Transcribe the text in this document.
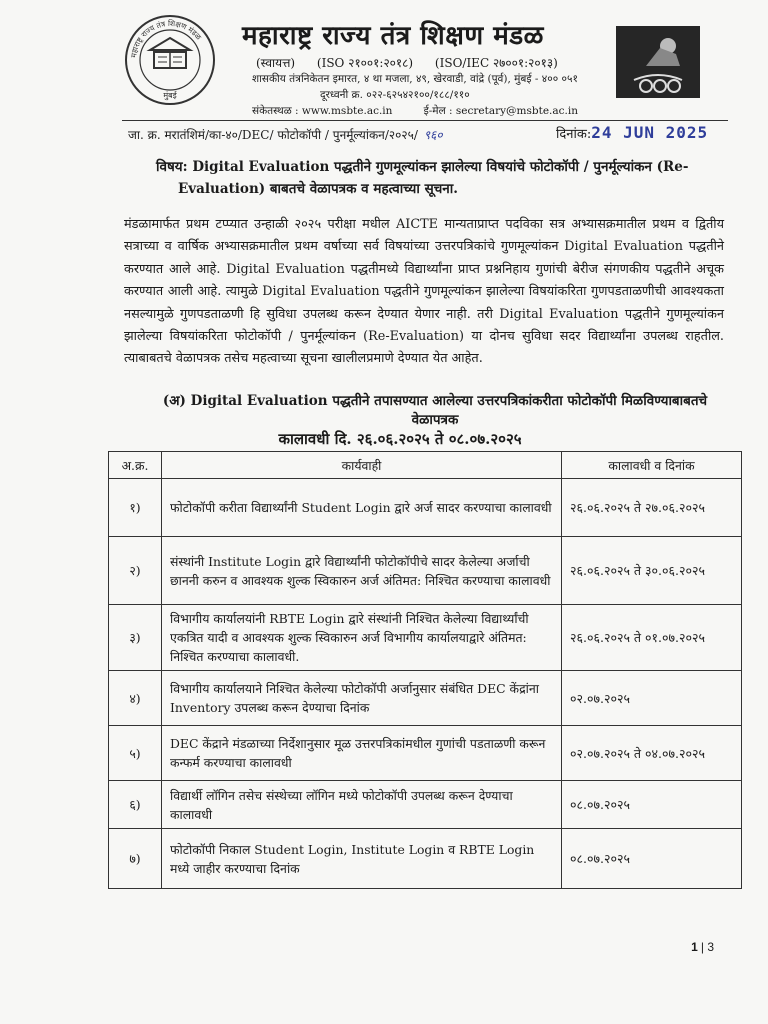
महाराष्ट्र राज्य तंत्र शिक्षण मंडळ
मुंबई
महाराष्ट्र राज्य तंत्र शिक्षण मंडळ
(स्वायत्त) (ISO २१००१:२०१८) (ISO/IEC २७००१:२०१३)
शासकीय तंत्रनिकेतन इमारत, ४ था मजला, ४९, खेरवाडी, वांद्रे (पूर्व), मुंबई - ४०० ०५१
दूरध्वनी क्र. ०२२-६२५४२१००/१८८/११०
संकेतस्थळ : www.msbte.ac.in	ई-मेल : secretary@msbte.ac.in
जा. क्र. मरातंशिमं/का-४०/DEC/ फोटोकॉपी / पुनर्मूल्यांकन/२०२५/ ९६०	दिनांक:24 JUN 2025
विषय: Digital Evaluation पद्धतीने गुणमूल्यांकन झालेल्या विषयांचे फोटोकॉपी / पुनर्मूल्यांकन (Re-
Evaluation) बाबतचे वेळापत्रक व महत्वाच्या सूचना.
मंडळामार्फत प्रथम टप्प्यात उन्हाळी २०२५ परीक्षा मधील AICTE मान्यताप्राप्त पदविका सत्र अभ्यासक्रमातील प्रथम व द्वितीय सत्राच्या व वार्षिक अभ्यासक्रमातील प्रथम वर्षाच्या सर्व विषयांच्या उत्तरपत्रिकांचे गुणमूल्यांकन Digital Evaluation पद्धतीने करण्यात आले आहे. Digital Evaluation पद्धतीमध्ये विद्यार्थ्यांना प्राप्त प्रश्ननिहाय गुणांची बेरीज संगणकीय पद्धतीने अचूक करण्यात आली आहे. त्यामुळे Digital Evaluation पद्धतीने गुणमूल्यांकन झालेल्या विषयांकरिता गुणपडताळणीची आवश्यकता नसल्यामुळे गुणपडताळणी हि सुविधा उपलब्ध करून देण्यात येणार नाही. तरी Digital Evaluation पद्धतीने गुणमूल्यांकन झालेल्या विषयांकरिता फोटोकॉपी / पुनर्मूल्यांकन (Re-Evaluation) या दोनच सुविधा सदर विद्यार्थ्यांना उपलब्ध राहतील. त्याबाबतचे वेळापत्रक तसेच महत्वाच्या सूचना खालीलप्रमाणे देण्यात येत आहेत.
(अ) Digital Evaluation पद्धतीने तपासण्यात आलेल्या उत्तरपत्रिकांकरीता फोटोकॉपी मिळविण्याबाबतचे
वेळापत्रक
कालावधी दि. २६.०६.२०२५ ते ०८.०७.२०२५
अ.क्र.	कार्यवाही	कालावधी व दिनांक
१)	फोटोकॉपी करीता विद्यार्थ्यांनी Student Login द्वारे अर्ज सादर करण्याचा कालावधी	२६.०६.२०२५ ते २७.०६.२०२५
२)	संस्थांनी Institute Login द्वारे विद्यार्थ्यांनी फोटोकॉपीचे सादर केलेल्या अर्जाची छाननी करुन व आवश्यक शुल्क स्विकारुन अर्ज अंतिमत: निश्चित करण्याचा कालावधी	२६.०६.२०२५ ते ३०.०६.२०२५
३)	विभागीय कार्यालयांनी RBTE Login द्वारे संस्थांनी निश्चित केलेल्या विद्यार्थ्यांची एकत्रित यादी व आवश्यक शुल्क स्विकारुन अर्ज विभागीय कार्यालयाद्वारे अंतिमत: निश्चित करण्याचा कालावधी.	२६.०६.२०२५ ते ०१.०७.२०२५
४)	विभागीय कार्यालयाने निश्चित केलेल्या फोटोकॉपी अर्जानुसार संबंधित DEC केंद्रांना Inventory उपलब्ध करून देण्याचा दिनांक	०२.०७.२०२५
५)	DEC केंद्राने मंडळाच्या निर्देशानुसार मूळ उत्तरपत्रिकांमधील गुणांची पडताळणी करून कन्फर्म करण्याचा कालावधी	०२.०७.२०२५ ते ०४.०७.२०२५
६)	विद्यार्थी लॉगिन तसेच संस्थेच्या लॉगिन मध्ये फोटोकॉपी उपलब्ध करून देण्याचा कालावधी	०८.०७.२०२५
७)	फोटोकॉपी निकाल Student Login, Institute Login व RBTE Login मध्ये जाहीर करण्याचा दिनांक	०८.०७.२०२५
1 | 3
